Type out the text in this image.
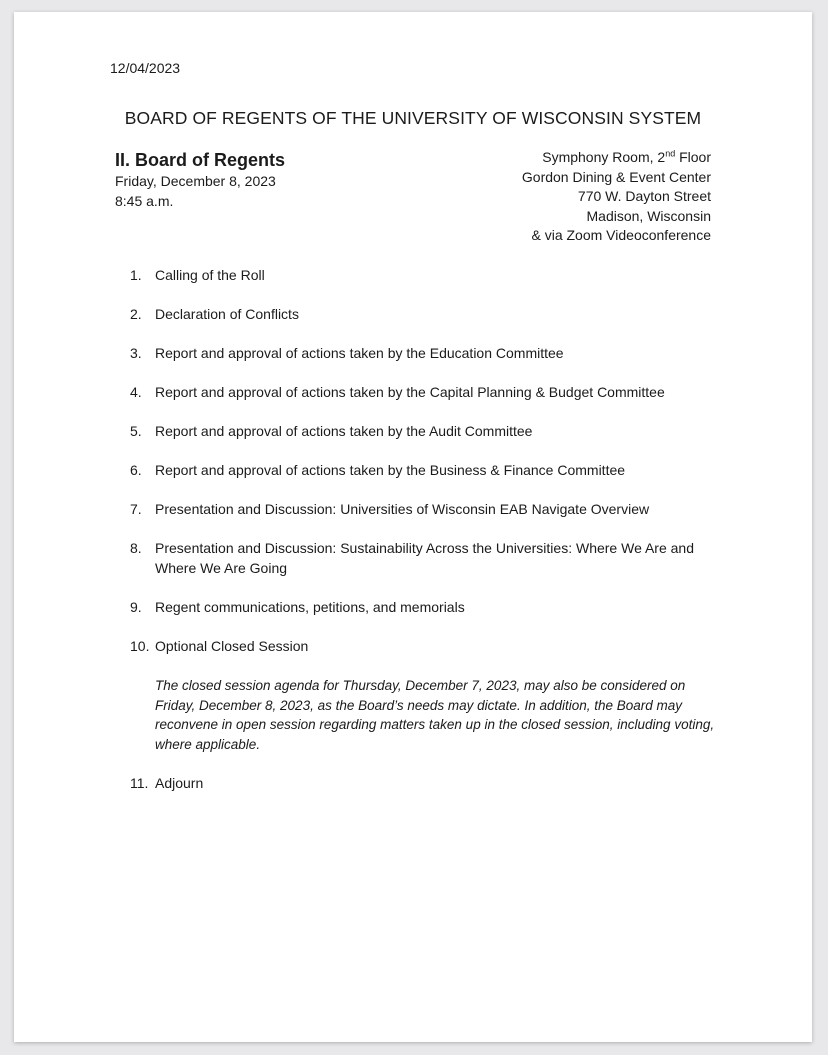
12/04/2023
BOARD OF REGENTS OF THE UNIVERSITY OF WISCONSIN SYSTEM
II. Board of Regents
Friday, December 8, 2023
8:45 a.m.
Symphony Room, 2nd Floor
Gordon Dining & Event Center
770 W. Dayton Street
Madison, Wisconsin
& via Zoom Videoconference
1. Calling of the Roll
2. Declaration of Conflicts
3. Report and approval of actions taken by the Education Committee
4. Report and approval of actions taken by the Capital Planning & Budget Committee
5. Report and approval of actions taken by the Audit Committee
6. Report and approval of actions taken by the Business & Finance Committee
7. Presentation and Discussion: Universities of Wisconsin EAB Navigate Overview
8. Presentation and Discussion: Sustainability Across the Universities: Where We Are and Where We Are Going
9. Regent communications, petitions, and memorials
10. Optional Closed Session
The closed session agenda for Thursday, December 7, 2023, may also be considered on Friday, December 8, 2023, as the Board’s needs may dictate. In addition, the Board may reconvene in open session regarding matters taken up in the closed session, including voting, where applicable.
11. Adjourn
